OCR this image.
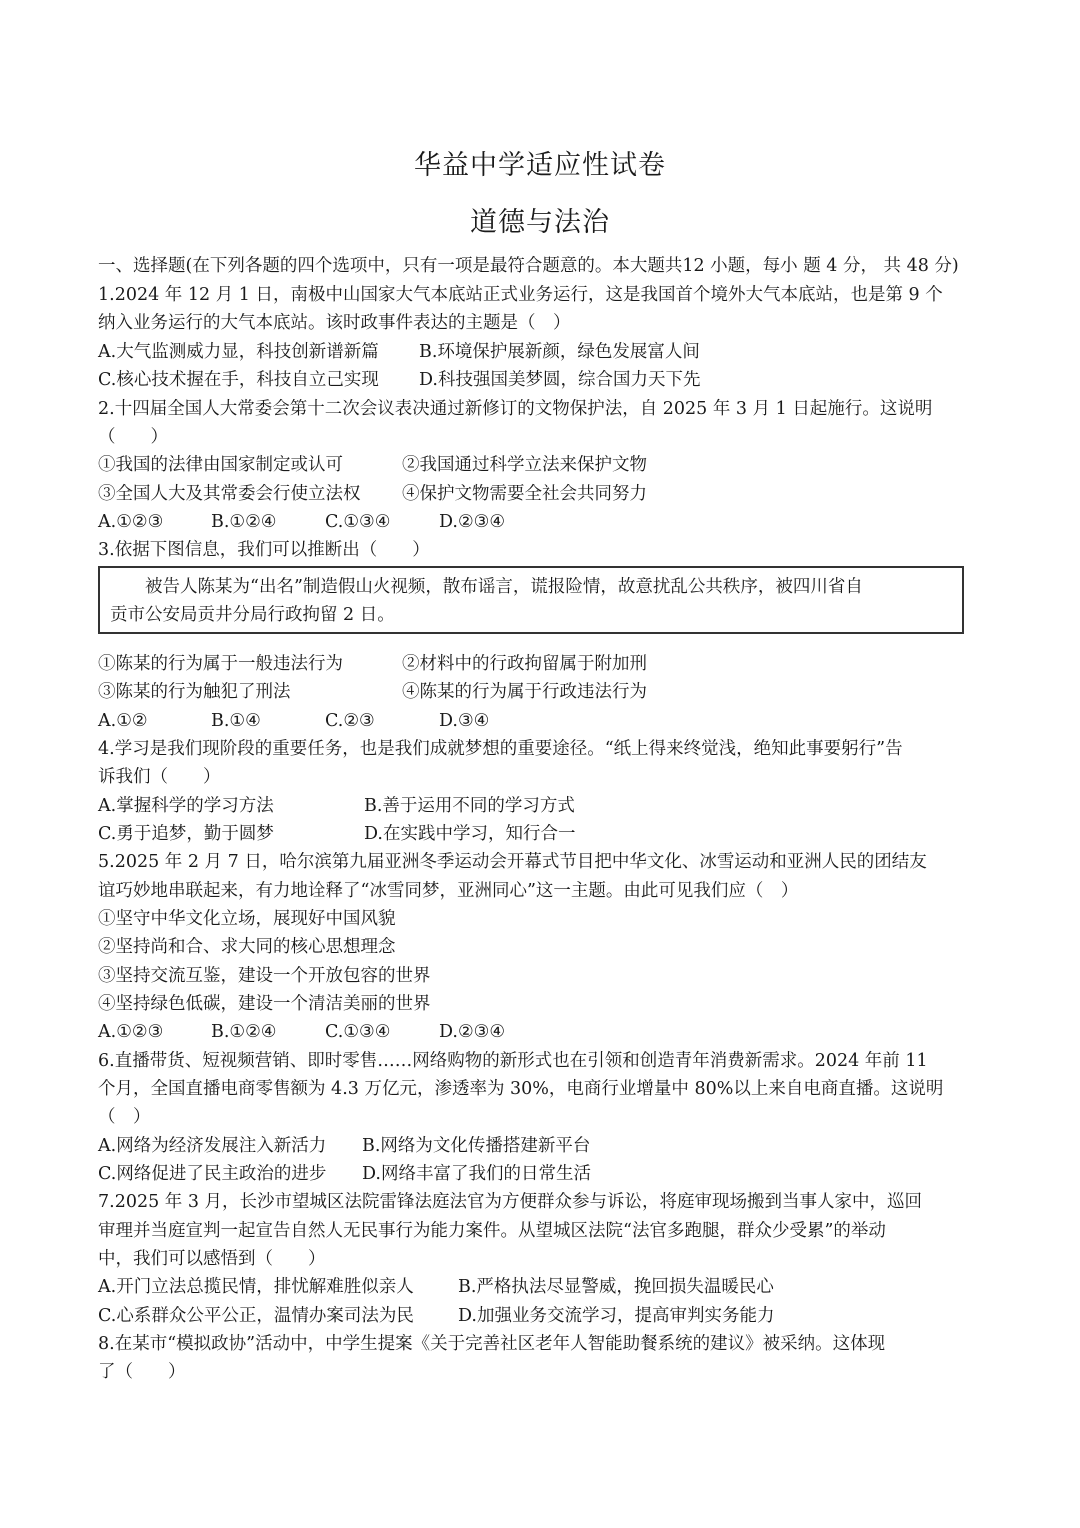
华益中学适应性试卷
道德与法治
一、选择题(在下列各题的四个选项中，只有一项是最符合题意的。本大题共12 小题，每小 题 4 分， 共 48 分)
1.2024 年 12 月 1 日，南极中山国家大气本底站正式业务运行，这是我国首个境外大气本底站，也是第 9 个
纳入业务运行的大气本底站。该时政事件表达的主题是（　）
A.大气监测威力显，科技创新谱新篇 B.环境保护展新颜，绿色发展富人间
C.核心技术握在手，科技自立己实现 D.科技强国美梦圆，综合国力天下先
2.十四届全国人大常委会第十二次会议表决通过新修订的文物保护法，自 2025 年 3 月 1 日起施行。这说明
（　　）
①我国的法律由国家制定或认可	②我国通过科学立法来保护文物
③全国人大及其常委会行使立法权 ④保护文物需要全社会共同努力
A.①②③	B.①②④	C.①③④	D.②③④
3.依据下图信息，我们可以推断出（　　）
被告人陈某为“出名”制造假山火视频，散布谣言，谎报险情，故意扰乱公共秩序，被四川省自
贡市公安局贡井分局行政拘留 2 日。
①陈某的行为属于一般违法行为	②材料中的行政拘留属于附加刑
③陈某的行为触犯了刑法	④陈某的行为属于行政违法行为
A.①②	B.①④	C.②③	D.③④
4.学习是我们现阶段的重要任务，也是我们成就梦想的重要途径。“纸上得来终觉浅，绝知此事要躬行”告
诉我们（　　）
A.掌握科学的学习方法	B.善于运用不同的学习方式
C.勇于追梦，勤于圆梦	D.在实践中学习，知行合一
5.2025 年 2 月 7 日，哈尔滨第九届亚洲冬季运动会开幕式节目把中华文化、冰雪运动和亚洲人民的团结友
谊巧妙地串联起来，有力地诠释了“冰雪同梦，亚洲同心”这一主题。由此可见我们应（　）
①坚守中华文化立场，展现好中国风貌
②坚持尚和合、求大同的核心思想理念
③坚持交流互鉴，建设一个开放包容的世界
④坚持绿色低碳，建设一个清洁美丽的世界
A.①②③	B.①②④	C.①③④	D.②③④
6.直播带货、短视频营销、即时零售……网络购物的新形式也在引领和创造青年消费新需求。2024 年前 11
个月，全国直播电商零售额为 4.3 万亿元，渗透率为 30%，电商行业增量中 80%以上来自电商直播。这说明
（　）
A.网络为经济发展注入新活力 B.网络为文化传播搭建新平台
C.网络促进了民主政治的进步 D.网络丰富了我们的日常生活
7.2025 年 3 月，长沙市望城区法院雷锋法庭法官为方便群众参与诉讼，将庭审现场搬到当事人家中，巡回
审理并当庭宣判一起宣告自然人无民事行为能力案件。从望城区法院“法官多跑腿，群众少受累”的举动
中，我们可以感悟到（　　）
A.开门立法总揽民情，排忧解难胜似亲人	B.严格执法尽显警威，挽回损失温暖民心
C.心系群众公平公正，温情办案司法为民	D.加强业务交流学习，提高审判实务能力
8.在某市“模拟政协”活动中，中学生提案《关于完善社区老年人智能助餐系统的建议》被采纳。这体现
了（　　）
